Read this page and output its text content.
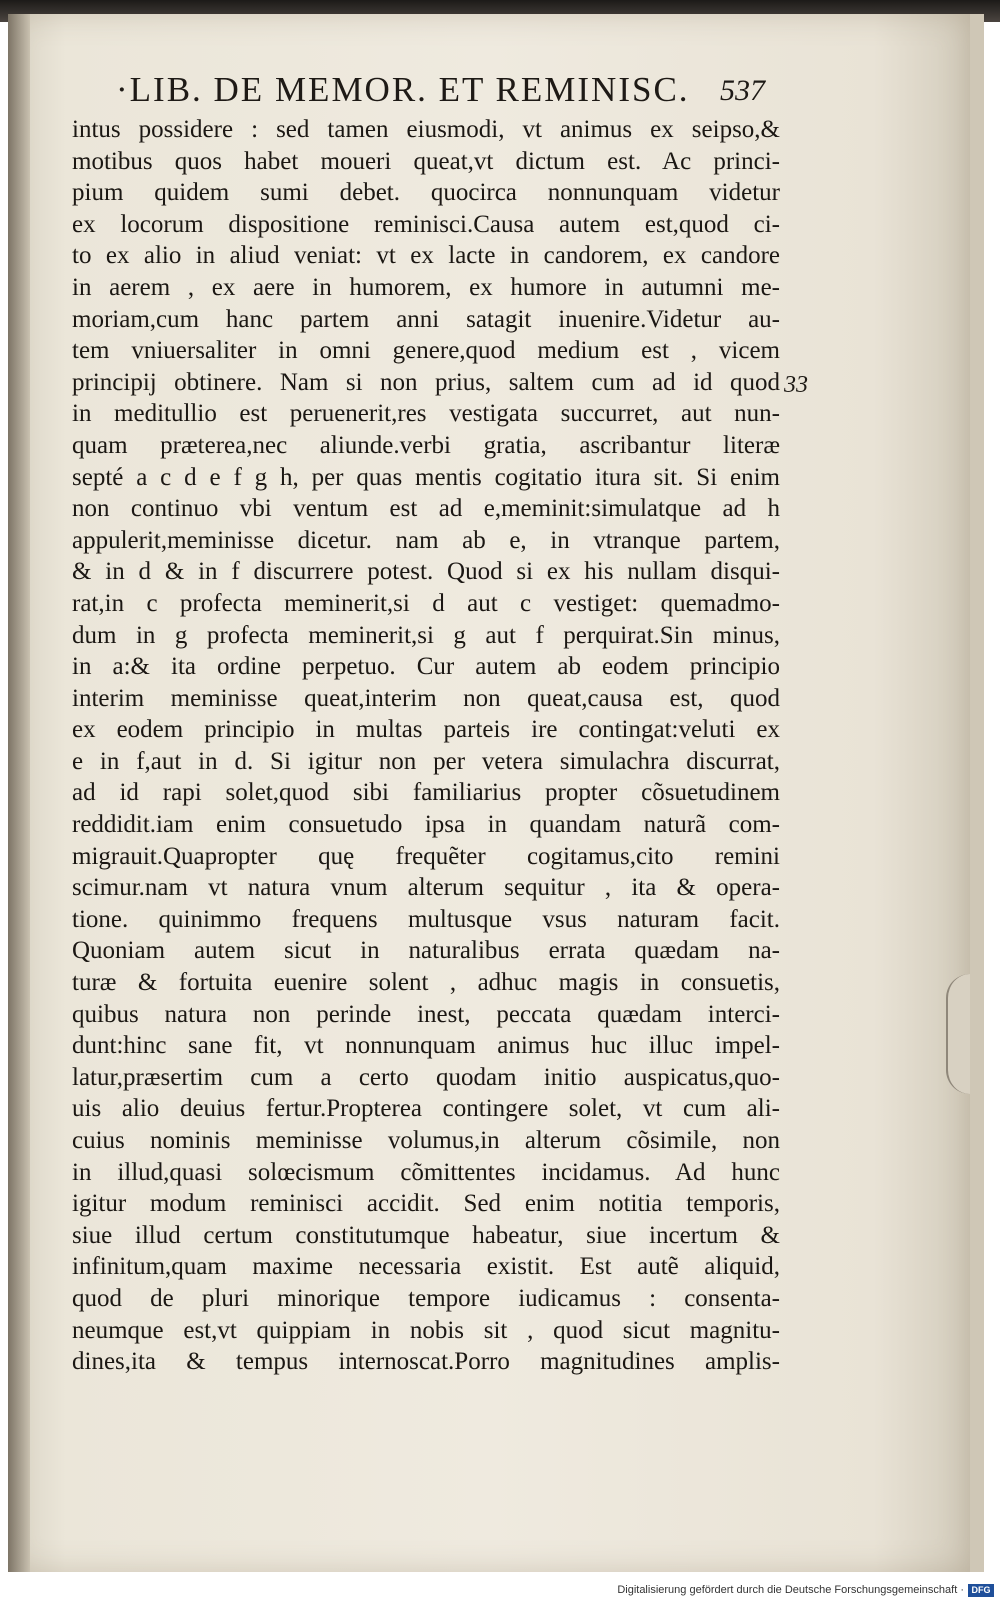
·LIB. DE MEMOR. ET REMINISC.	537
33
intus possidere : sed tamen eiusmodi, vt animus ex seipso,&
motibus quos habet moueri queat,vt dictum est. Ac princi-
pium quidem sumi debet. quocirca nonnunquam videtur
ex locorum dispositione reminisci.Causa autem est,quod ci-
to ex alio in aliud veniat: vt ex lacte in candorem, ex candore
in aerem , ex aere in humorem, ex humore in autumni me-
moriam,cum hanc partem anni satagit inuenire.Videtur au-
tem vniuersaliter in omni genere,quod medium est , vicem
principij obtinere. Nam si non prius, saltem cum ad id quod
in meditullio est peruenerit,res vestigata succurret, aut nun-
quam præterea,nec aliunde.verbi gratia, ascribantur literæ
septé a c d e f g h, per quas mentis cogitatio itura sit. Si enim
non continuo vbi ventum est ad e,meminit:simulatque ad h
appulerit,meminisse dicetur. nam ab e, in vtranque partem,
& in d & in f discurrere potest. Quod si ex his nullam disqui-
rat,in c profecta meminerit,si d aut c vestiget: quemadmo-
dum in g profecta meminerit,si g aut f perquirat.Sin minus,
in a:& ita ordine perpetuo. Cur autem ab eodem principio
interim meminisse queat,interim non queat,causa est, quod
ex eodem principio in multas parteis ire contingat:veluti ex
e in f,aut in d. Si igitur non per vetera simulachra discurrat,
ad id rapi solet,quod sibi familiarius propter cõsuetudinem
reddidit.iam enim consuetudo ipsa in quandam naturã com-
migrauit.Quapropter quę frequẽter cogitamus,cito remini
scimur.nam vt natura vnum alterum sequitur , ita & opera-
tione. quinimmo frequens multusque vsus naturam facit.
Quoniam autem sicut in naturalibus errata quædam na-
turæ & fortuita euenire solent , adhuc magis in consuetis,
quibus natura non perinde inest, peccata quædam interci-
dunt:hinc sane fit, vt nonnunquam animus huc illuc impel-
latur,præsertim cum a certo quodam initio auspicatus,quo-
uis alio deuius fertur.Propterea contingere solet, vt cum ali-
cuius nominis meminisse volumus,in alterum cõsimile, non
in illud,quasi solœcismum cõmittentes incidamus. Ad hunc
igitur modum reminisci accidit. Sed enim notitia temporis,
siue illud certum constitutumque habeatur, siue incertum &
infinitum,quam maxime necessaria existit. Est autẽ aliquid,
quod de pluri minorique tempore iudicamus : consenta-
neumque est,vt quippiam in nobis sit , quod sicut magnitu-
dines,ita & tempus internoscat.Porro magnitudines amplis-
Digitalisierung gefördert durch die Deutsche Forschungsgemeinschaft · DFG
